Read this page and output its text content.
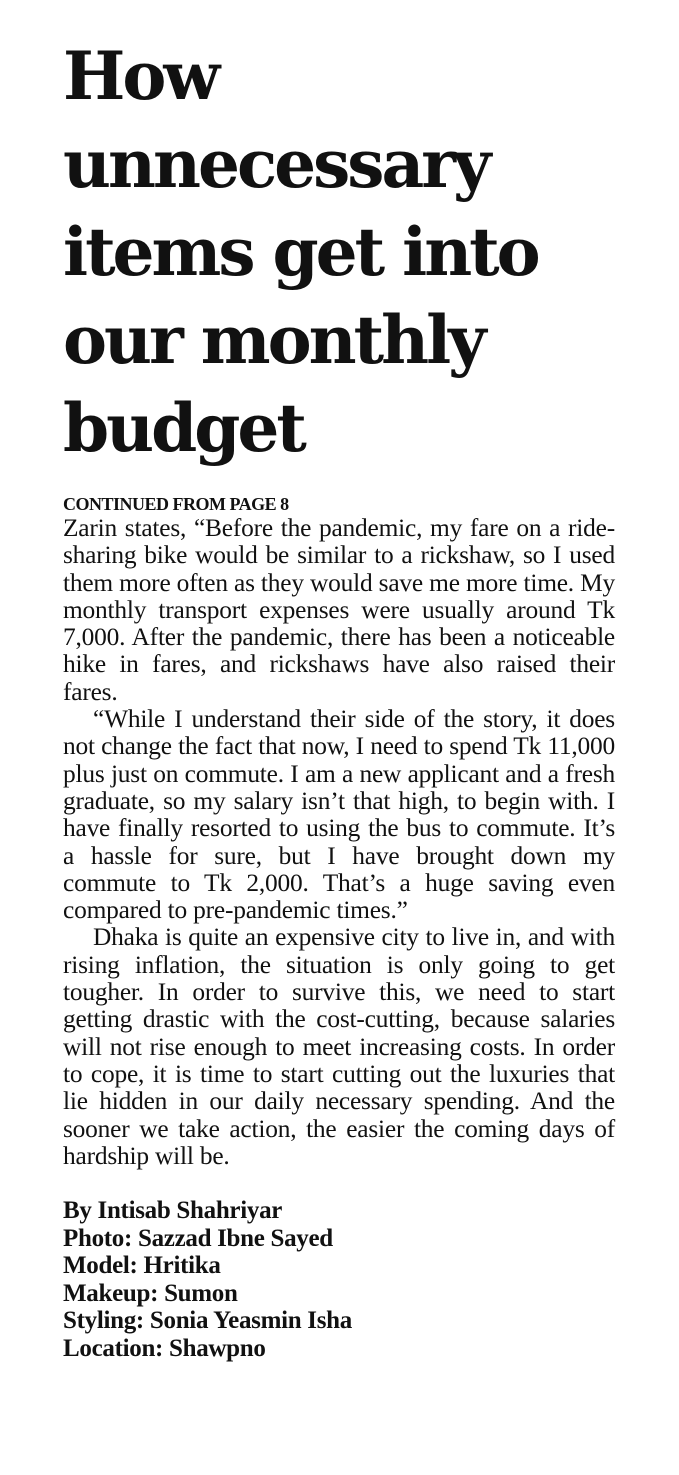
How
unnecessary
items get into
our monthly
budget
CONTINUED FROM PAGE 8

Zarin states, “Before the pandemic, my fare on a ride-sharing bike would be similar to a rickshaw, so I used them more often as they would save me more time. My monthly transport expenses were usually around Tk 7,000. After the pandemic, there has been a noticeable hike in fares, and rickshaws have also raised their fares.

“While I understand their side of the story, it does not change the fact that now, I need to spend Tk 11,000 plus just on commute. I am a new applicant and a fresh graduate, so my salary isn’t that high, to begin with. I have finally resorted to using the bus to commute. It’s a hassle for sure, but I have brought down my commute to Tk 2,000. That’s a huge saving even compared to pre-pandemic times.”

Dhaka is quite an expensive city to live in, and with rising inflation, the situation is only going to get tougher. In order to survive this, we need to start getting drastic with the cost-cutting, because salaries will not rise enough to meet increasing costs. In order to cope, it is time to start cutting out the luxuries that lie hidden in our daily necessary spending. And the sooner we take action, the easier the coming days of hardship will be.

By Intisab Shahriyar
Photo: Sazzad Ibne Sayed
Model: Hritika
Makeup: Sumon
Styling: Sonia Yeasmin Isha
Location: Shawpno
